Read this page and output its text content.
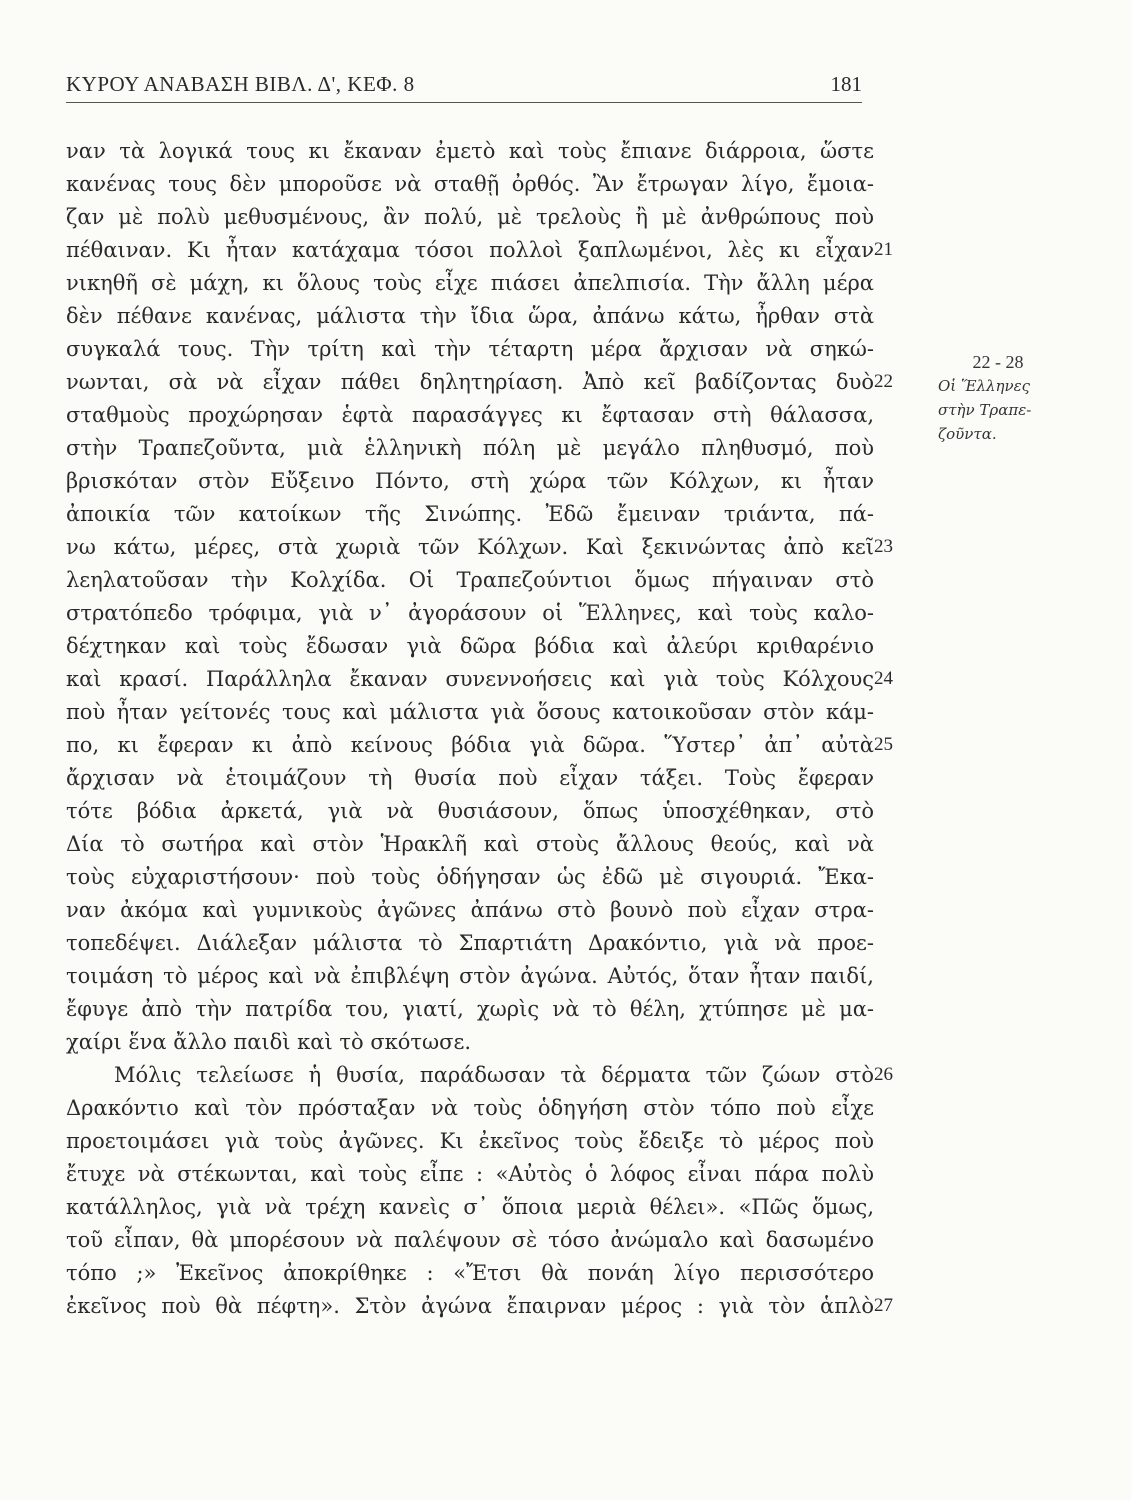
ΚΥΡΟΥ ΑΝΑΒΑΣΗ ΒΙΒΛ. Δ', ΚΕΦ. 8	181
ναν τὰ λογικά τους κι ἔκαναν ἐμετὸ καὶ τοὺς ἔπιανε διάρροια, ὥστε
κανένας τους δὲν μποροῦσε νὰ σταθῇ ὀρθός. Ἂν ἔτρωγαν λίγο, ἔμοια-
ζαν μὲ πολὺ μεθυσμένους, ἂν πολύ, μὲ τρελοὺς ἢ μὲ ἀνθρώπους ποὺ
πέθαιναν. Κι ἦταν κατάχαμα τόσοι πολλοὶ ξαπλωμένοι, λὲς κι εἶχαν
νικηθῆ σὲ μάχη, κι ὅλους τοὺς εἶχε πιάσει ἀπελπισία. Τὴν ἄλλη μέρα
δὲν πέθανε κανένας, μάλιστα τὴν ἴδια ὥρα, ἀπάνω κάτω, ἦρθαν στὰ
συγκαλά τους. Τὴν τρίτη καὶ τὴν τέταρτη μέρα ἄρχισαν νὰ σηκώ-
νωνται, σὰ νὰ εἶχαν πάθει δηλητηρίαση. Ἀπὸ κεῖ βαδίζοντας δυὸ
σταθμοὺς προχώρησαν ἑφτὰ παρασάγγες κι ἔφτασαν στὴ θάλασσα,
στὴν Τραπεζοῦντα, μιὰ ἑλληνικὴ πόλη μὲ μεγάλο πληθυσμό, ποὺ
βρισκόταν στὸν Εὔξεινο Πόντο, στὴ χώρα τῶν Κόλχων, κι ἦταν
ἀποικία τῶν κατοίκων τῆς Σινώπης. Ἐδῶ ἔμειναν τριάντα, πά-
νω κάτω, μέρες, στὰ χωριὰ τῶν Κόλχων. Καὶ ξεκινώντας ἀπὸ κεῖ
λεηλατοῦσαν τὴν Κολχίδα. Οἱ Τραπεζούντιοι ὅμως πήγαιναν στὸ
στρατόπεδο τρόφιμα, γιὰ ν᾽ ἀγοράσουν οἱ Ἕλληνες, καὶ τοὺς καλο-
δέχτηκαν καὶ τοὺς ἔδωσαν γιὰ δῶρα βόδια καὶ ἀλεύρι κριθαρένιο
καὶ κρασί. Παράλληλα ἔκαναν συνεννοήσεις καὶ γιὰ τοὺς Κόλχους
ποὺ ἦταν γείτονές τους καὶ μάλιστα γιὰ ὅσους κατοικοῦσαν στὸν κάμ-
πο, κι ἔφεραν κι ἀπὸ κείνους βόδια γιὰ δῶρα. Ὕστερ᾽ ἀπ᾽ αὐτὰ
ἄρχισαν νὰ ἑτοιμάζουν τὴ θυσία ποὺ εἶχαν τάξει. Τοὺς ἔφεραν
τότε βόδια ἀρκετά, γιὰ νὰ θυσιάσουν, ὅπως ὑποσχέθηκαν, στὸ
Δία τὸ σωτήρα καὶ στὸν Ἡρακλῆ καὶ στοὺς ἄλλους θεούς, καὶ νὰ
τοὺς εὐχαριστήσουν· ποὺ τοὺς ὁδήγησαν ὡς ἐδῶ μὲ σιγουριά. Ἔκα-
ναν ἀκόμα καὶ γυμνικοὺς ἀγῶνες ἀπάνω στὸ βουνὸ ποὺ εἶχαν στρα-
τοπεδέψει. Διάλεξαν μάλιστα τὸ Σπαρτιάτη Δρακόντιο, γιὰ νὰ προε-
τοιμάση τὸ μέρος καὶ νὰ ἐπιβλέψη στὸν ἀγώνα. Αὐτός, ὅταν ἦταν παιδί,
ἔφυγε ἀπὸ τὴν πατρίδα του, γιατί, χωρὶς νὰ τὸ θέλη, χτύπησε μὲ μα-
χαίρι ἕνα ἄλλο παιδὶ καὶ τὸ σκότωσε.
Μόλις τελείωσε ἡ θυσία, παράδωσαν τὰ δέρματα τῶν ζώων στὸ
Δρακόντιο καὶ τὸν πρόσταξαν νὰ τοὺς ὁδηγήση στὸν τόπο ποὺ εἶχε
προετοιμάσει γιὰ τοὺς ἀγῶνες. Κι ἐκεῖνος τοὺς ἔδειξε τὸ μέρος ποὺ
ἔτυχε νὰ στέκωνται, καὶ τοὺς εἶπε : «Αὐτὸς ὁ λόφος εἶναι πάρα πολὺ
κατάλληλος, γιὰ νὰ τρέχη κανεὶς σ᾽ ὅποια μεριὰ θέλει». «Πῶς ὅμως,
τοῦ εἶπαν, θὰ μπορέσουν νὰ παλέψουν σὲ τόσο ἀνώμαλο καὶ δασωμένο
τόπο ;» Ἐκεῖνος ἀποκρίθηκε : «Ἔτσι θὰ πονάη λίγο περισσότερο
ἐκεῖνος ποὺ θὰ πέφτη». Στὸν ἀγώνα ἔπαιρναν μέρος : γιὰ τὸν ἁπλὸ
21
22
23
24
25
26
27
22 - 28
Οἱ Ἕλληνες
στὴν Τραπε-
ζοῦντα.
